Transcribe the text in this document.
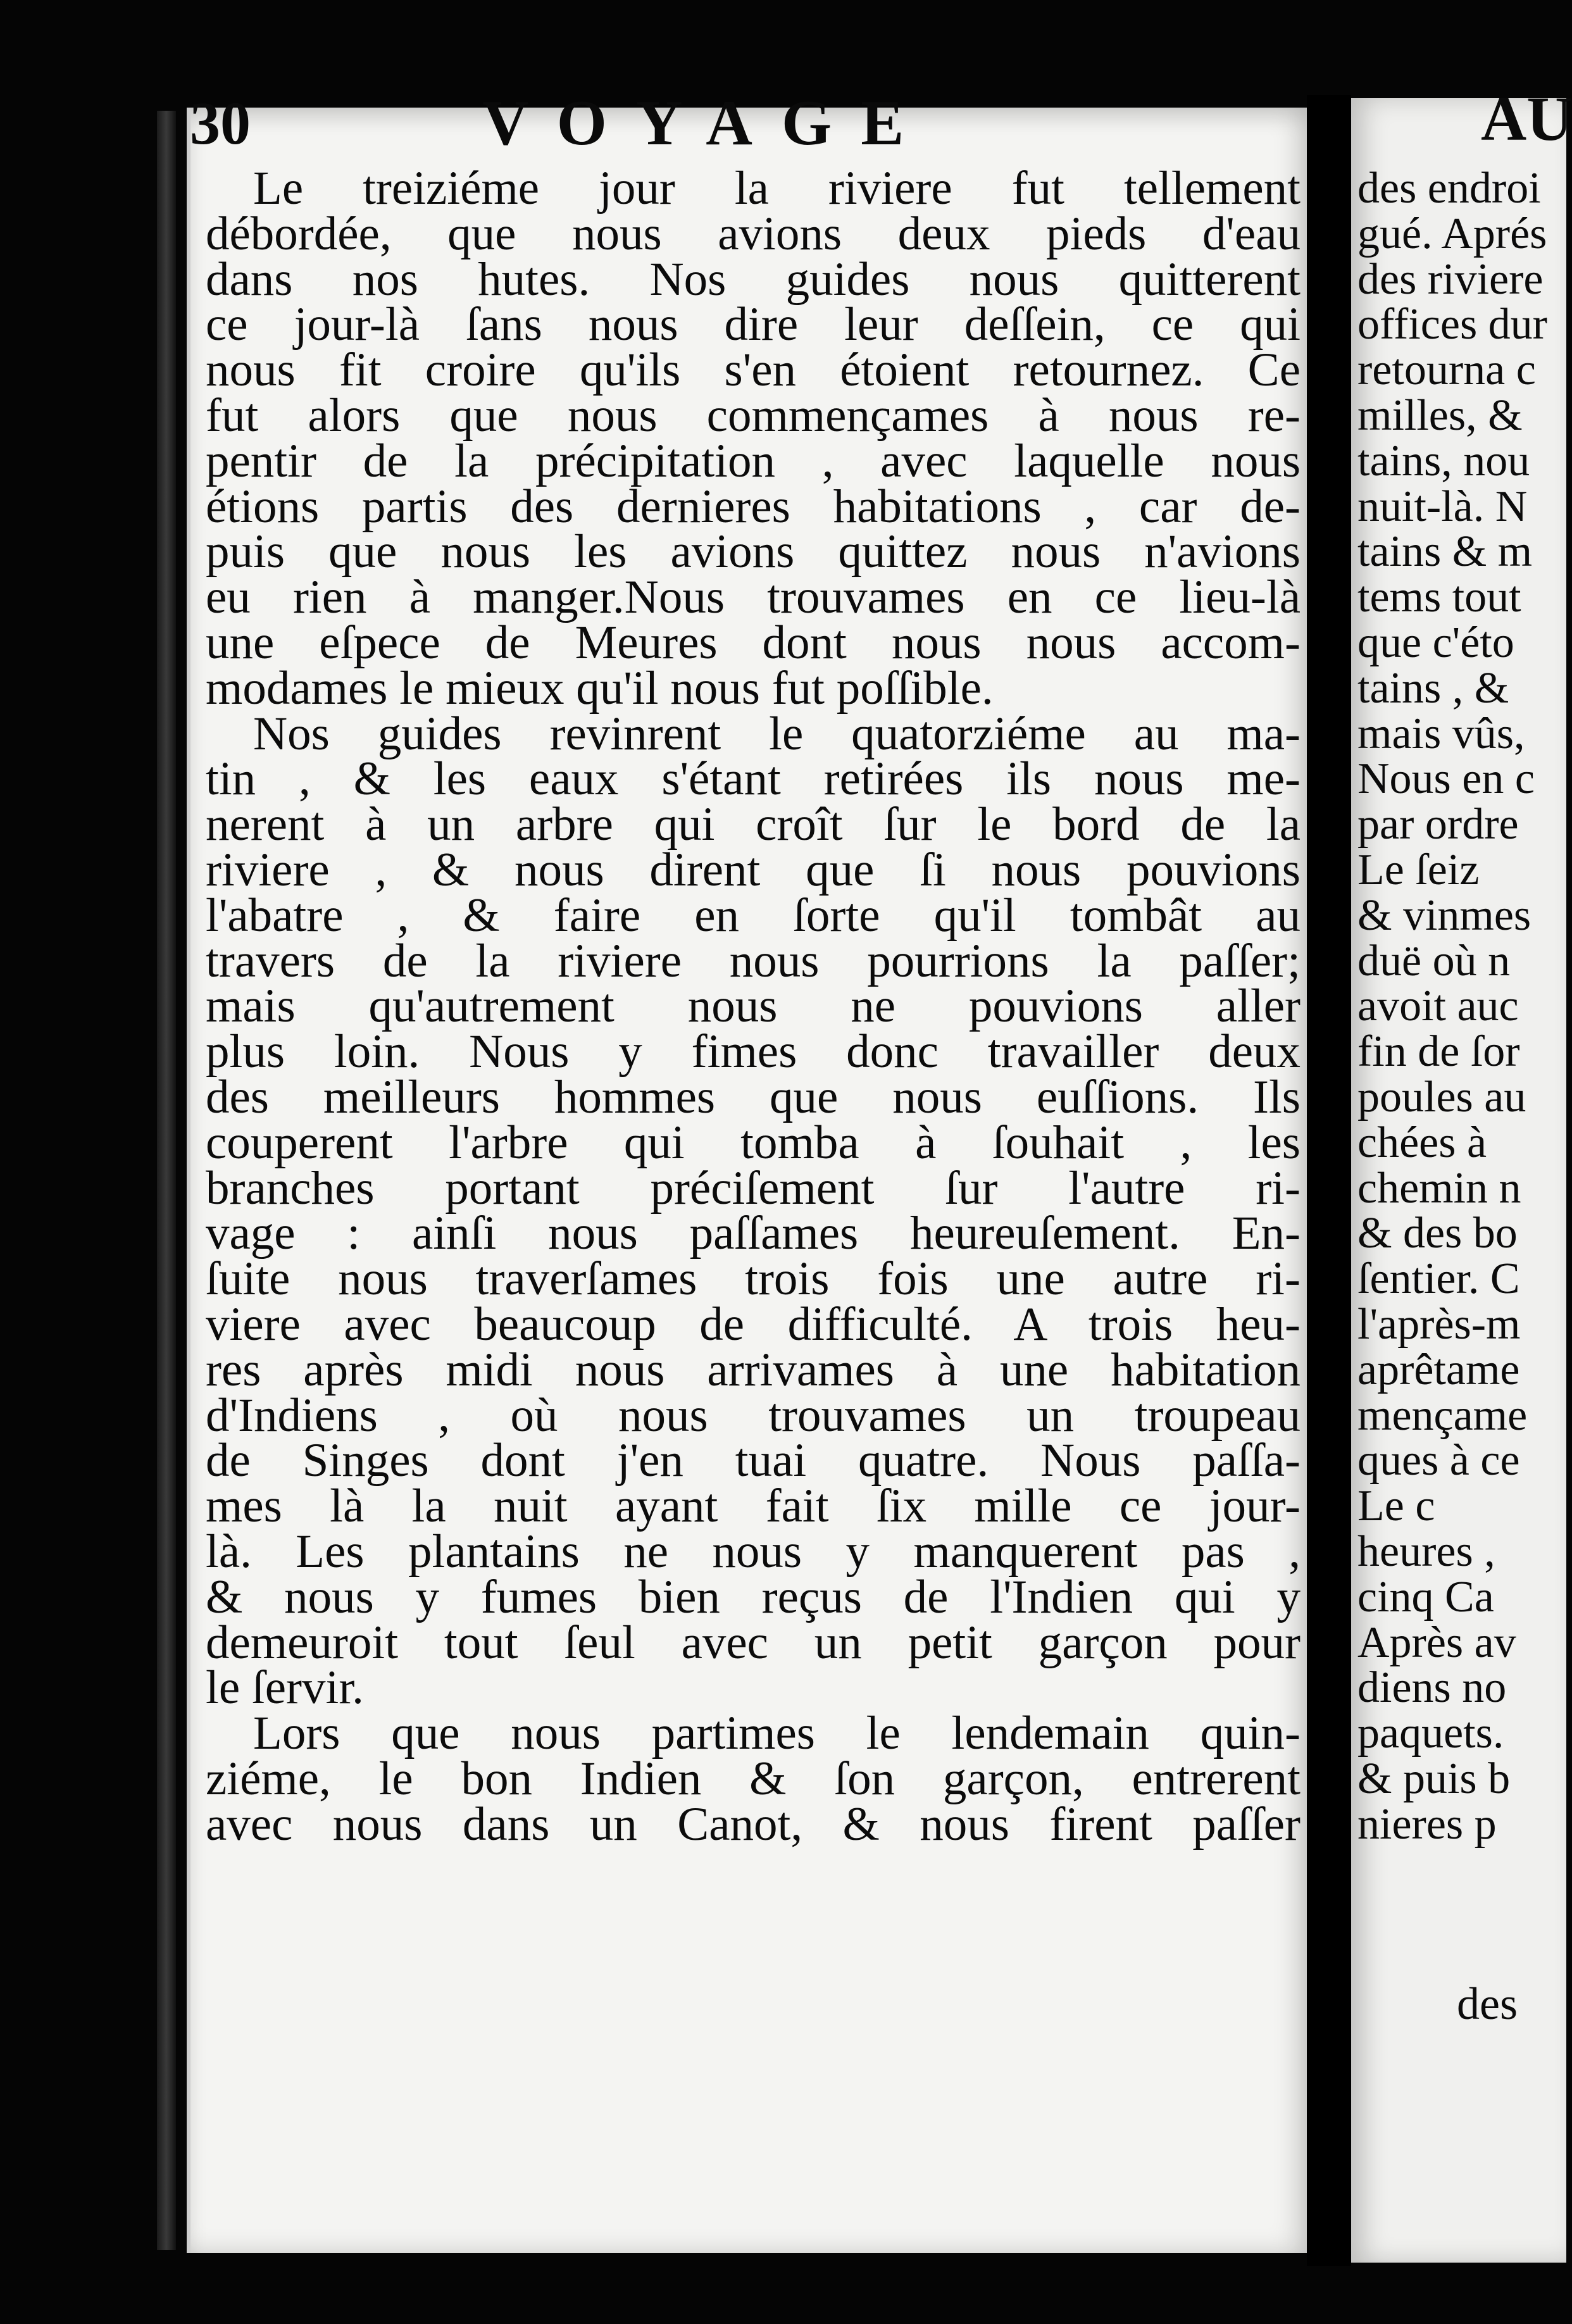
30	VOYAGE
Le treiziéme jour la riviere fut tellement
débordée, que nous avions deux pieds d'eau
dans nos hutes. Nos guides nous quitterent
ce jour-là ſans nous dire leur deſſein, ce qui
nous fit croire qu'ils s'en étoient retournez. Ce
fut alors que nous commençames à nous re-
pentir de la précipitation , avec laquelle nous
étions partis des dernieres habitations , car de-
puis que nous les avions quittez nous n'avions
eu rien à manger.Nous trouvames en ce lieu-là
une eſpece de Meures dont nous nous accom-
modames le mieux qu'il nous fut poſſible.
Nos guides revinrent le quatorziéme au ma-
tin , & les eaux s'étant retirées ils nous me-
nerent à un arbre qui croît ſur le bord de la
riviere , & nous dirent que ſi nous pouvions
l'abatre , & faire en ſorte qu'il tombât au
travers de la riviere nous pourrions la paſſer;
mais qu'autrement nous ne pouvions aller
plus loin. Nous y fimes donc travailler deux
des meilleurs hommes que nous euſſions. Ils
couperent l'arbre qui tomba à ſouhait , les
branches portant préciſement ſur l'autre ri-
vage : ainſi nous paſſames heureuſement. En-
ſuite nous traverſames trois fois une autre ri-
viere avec beaucoup de difficulté. A trois heu-
res après midi nous arrivames à une habitation
d'Indiens , où nous trouvames un troupeau
de Singes dont j'en tuai quatre. Nous paſſa-
mes là la nuit ayant fait ſix mille ce jour-
là. Les plantains ne nous y manquerent pas ,
& nous y fumes bien reçus de l'Indien qui y
demeuroit tout ſeul avec un petit garçon pour
le ſervir.
Lors que nous partimes le lendemain quin-
ziéme, le bon Indien & ſon garçon, entrerent
avec nous dans un Canot, & nous firent paſſer
des
AU
des endroi
gué. Aprés
des riviere
offices dur
retourna c
milles, &
tains, nou
nuit-là. N
tains & m
tems tout
que c'éto
tains , &
mais vûs,
Nous en c
par ordre
Le ſeiz
& vinmes
duë où n
avoit auc
fin de ſor
poules au
chées à
chemin n
& des bo
ſentier. C
l'après-m
aprêtame
mençame
ques à ce
Le c
heures ,
cinq Ca
Après av
diens no
paquets.
& puis b
nieres p
